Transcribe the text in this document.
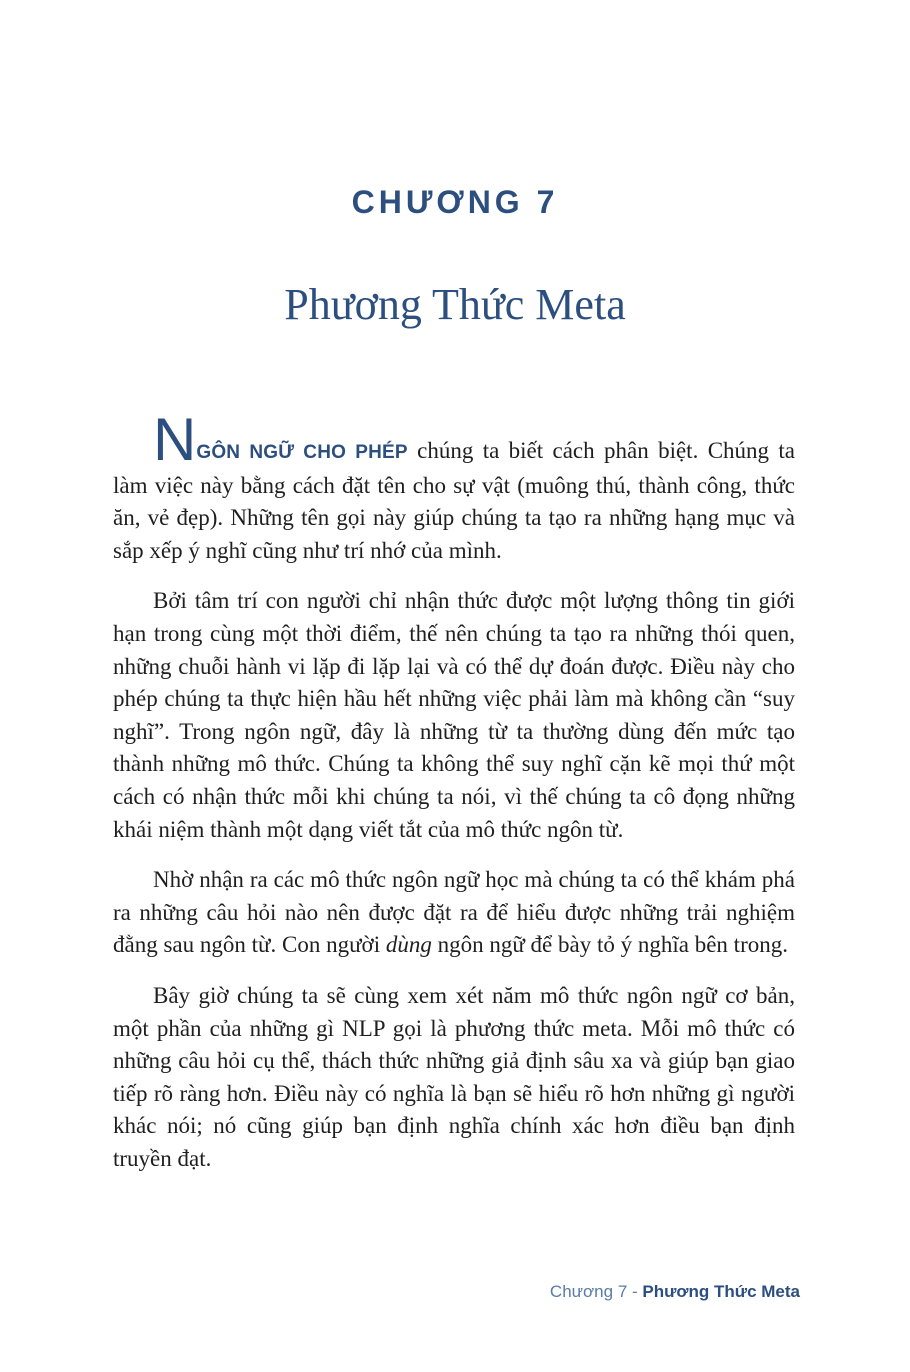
CHƯƠNG 7
Phương Thức Meta

NGÔN NGỮ CHO PHÉP chúng ta biết cách phân biệt. Chúng ta làm việc này bằng cách đặt tên cho sự vật (muông thú, thành công, thức ăn, vẻ đẹp). Những tên gọi này giúp chúng ta tạo ra những hạng mục và sắp xếp ý nghĩ cũng như trí nhớ của mình.

Bởi tâm trí con người chỉ nhận thức được một lượng thông tin giới hạn trong cùng một thời điểm, thế nên chúng ta tạo ra những thói quen, những chuỗi hành vi lặp đi lặp lại và có thể dự đoán được. Điều này cho phép chúng ta thực hiện hầu hết những việc phải làm mà không cần “suy nghĩ”. Trong ngôn ngữ, đây là những từ ta thường dùng đến mức tạo thành những mô thức. Chúng ta không thể suy nghĩ cặn kẽ mọi thứ một cách có nhận thức mỗi khi chúng ta nói, vì thế chúng ta cô đọng những khái niệm thành một dạng viết tắt của mô thức ngôn từ.

Nhờ nhận ra các mô thức ngôn ngữ học mà chúng ta có thể khám phá ra những câu hỏi nào nên được đặt ra để hiểu được những trải nghiệm đằng sau ngôn từ. Con người dùng ngôn ngữ để bày tỏ ý nghĩa bên trong.

Bây giờ chúng ta sẽ cùng xem xét năm mô thức ngôn ngữ cơ bản, một phần của những gì NLP gọi là phương thức meta. Mỗi mô thức có những câu hỏi cụ thể, thách thức những giả định sâu xa và giúp bạn giao tiếp rõ ràng hơn. Điều này có nghĩa là bạn sẽ hiểu rõ hơn những gì người khác nói; nó cũng giúp bạn định nghĩa chính xác hơn điều bạn định truyền đạt.

Chương 7 - Phương Thức Meta
